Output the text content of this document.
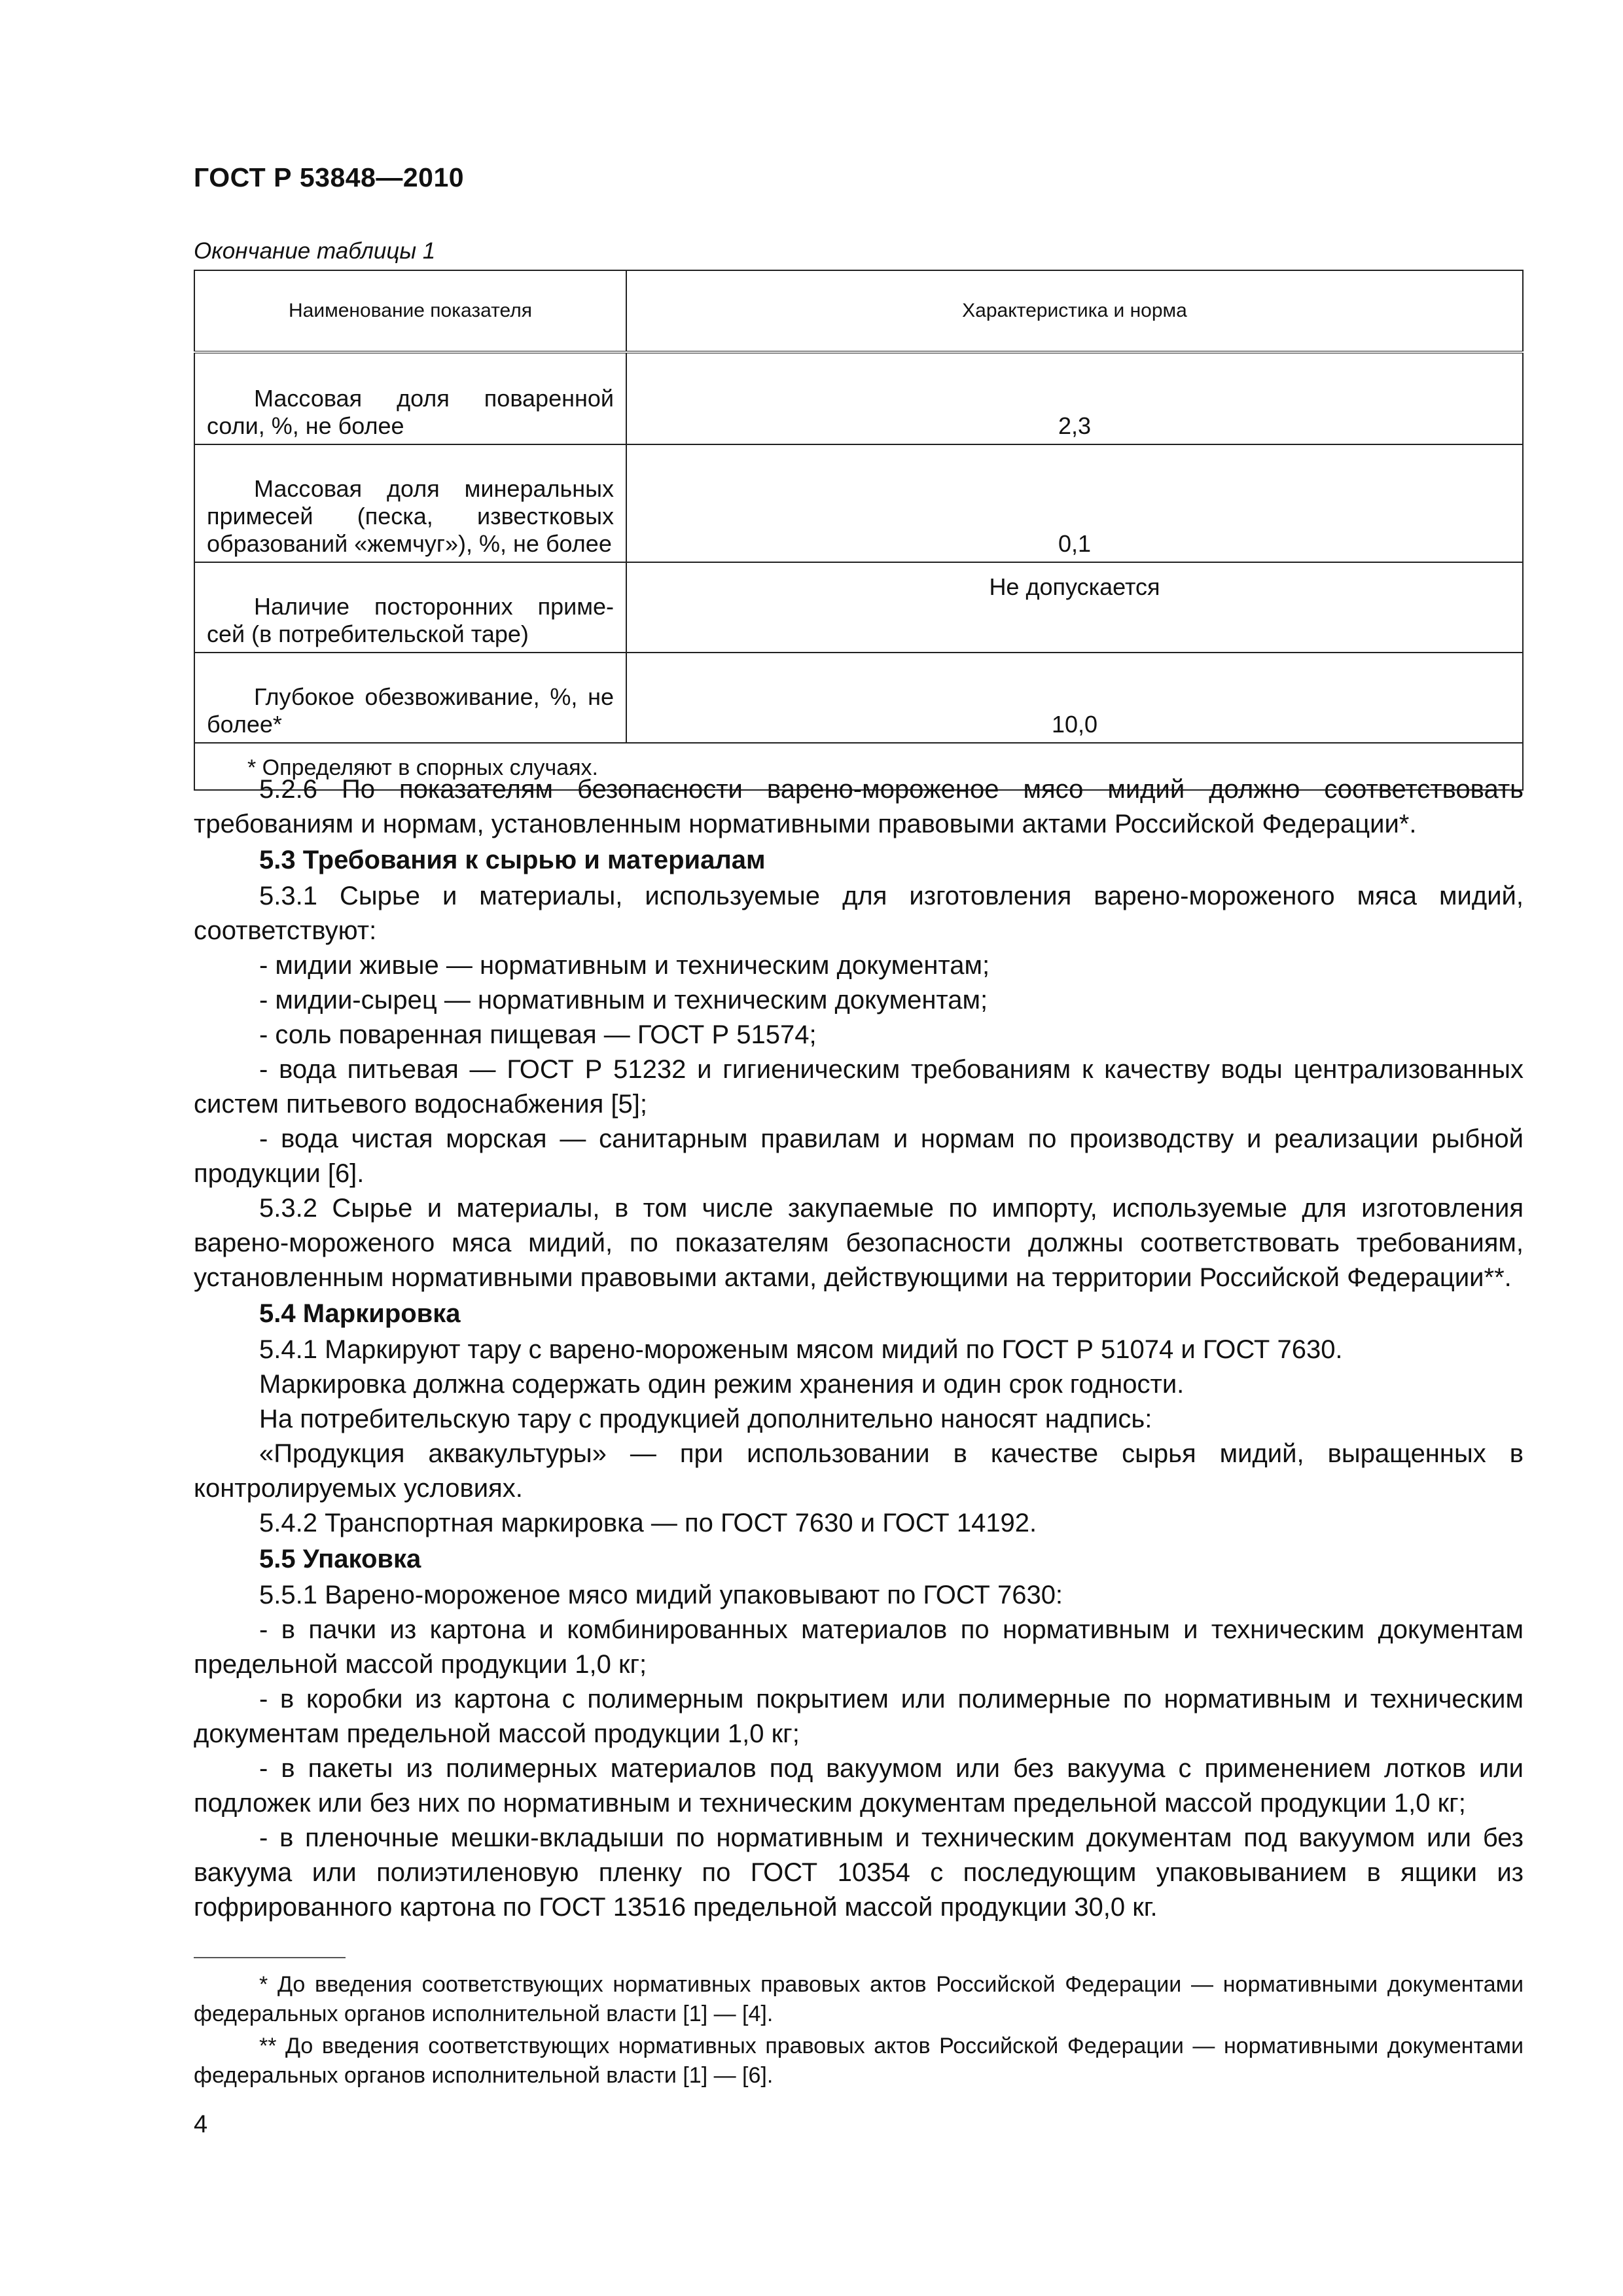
ГОСТ Р 53848—2010
Окончание таблицы 1
Наименование показателя	Характеристика и норма

Массовая доля поваренной
соли, %, не более	2,3

Массовая доля минеральных
примесей (песка, известковых образований «жемчуг»), %, не более	0,1

Наличие посторонних приме-
сей (в потребительской таре)	Не допускается

Глубокое обезвоживание, %, не
более*	10,0
* Определяют в спорных случаях.	

5.2.6 По показателям безопасности варено-мороженое мясо мидий должно соответствовать требованиям и нормам, установленным нормативными правовыми актами Российской Федерации*.

5.3 Требования к сырью и материалам

5.3.1 Сырье и материалы, используемые для изготовления варено-мороженого мяса мидий, соответствуют:

- мидии живые — нормативным и техническим документам;

- мидии-сырец — нормативным и техническим документам;

- соль поваренная пищевая — ГОСТ Р 51574;

- вода питьевая — ГОСТ Р 51232 и гигиеническим требованиям к качеству воды централизованных систем питьевого водоснабжения [5];

- вода чистая морская — санитарным правилам и нормам по производству и реализации рыбной продукции [6].

5.3.2 Сырье и материалы, в том числе закупаемые по импорту, используемые для изготовления варено-мороженого мяса мидий, по показателям безопасности должны соответствовать требованиям, установленным нормативными правовыми актами, действующими на территории Российской Федерации**.

5.4 Маркировка

5.4.1 Маркируют тару с варено-мороженым мясом мидий по ГОСТ Р 51074 и ГОСТ 7630.

Маркировка должна содержать один режим хранения и один срок годности.

На потребительскую тару с продукцией дополнительно наносят надпись:

«Продукция аквакультуры» — при использовании в качестве сырья мидий, выращенных в контролируемых условиях.

5.4.2 Транспортная маркировка — по ГОСТ 7630 и ГОСТ 14192.

5.5 Упаковка

5.5.1 Варено-мороженое мясо мидий упаковывают по ГОСТ 7630:

- в пачки из картона и комбинированных материалов по нормативным и техническим документам предельной массой продукции 1,0 кг;

- в коробки из картона с полимерным покрытием или полимерные по нормативным и техническим документам предельной массой продукции 1,0 кг;

- в пакеты из полимерных материалов под вакуумом или без вакуума с применением лотков или подложек или без них по нормативным и техническим документам предельной массой продукции 1,0 кг;

- в пленочные мешки-вкладыши по нормативным и техническим документам под вакуумом или без вакуума или полиэтиленовую пленку по ГОСТ 10354 с последующим упаковыванием в ящики из гофрированного картона по ГОСТ 13516 предельной массой продукции 30,0 кг.

* До введения соответствующих нормативных правовых актов Российской Федерации — нормативными документами федеральных органов исполнительной власти [1] — [4].

** До введения соответствующих нормативных правовых актов Российской Федерации — нормативными документами федеральных органов исполнительной власти [1] — [6].

4
